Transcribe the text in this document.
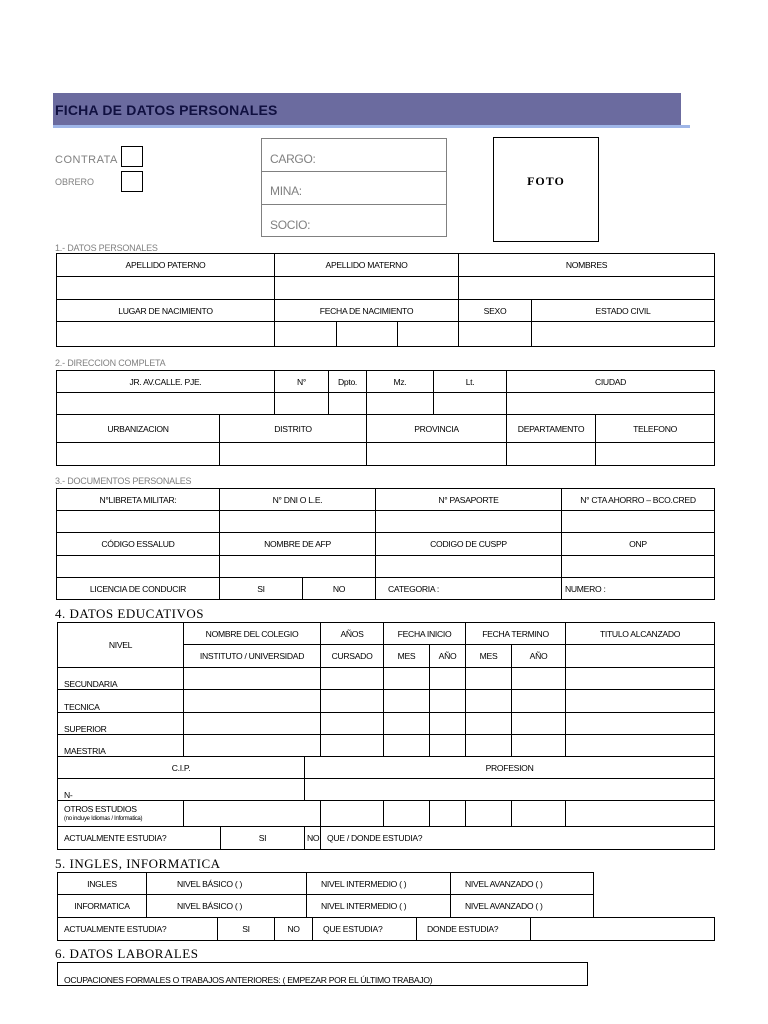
FICHA DE DATOS PERSONALES
CONTRATA
OBRERO
CARGO:
MINA:
SOCIO:
FOTO
1.- DATOS PERSONALES
APELLIDO PATERNO	APELLIDO MATERNO			NOMBRES	

LUGAR DE NACIMIENTO	FECHA DE NACIMIENTO			SEXO	ESTADO CIVIL

2.- DIRECCION COMPLETA
JR. AV.CALLE. PJE.		N°	Dpto.	Mz.	Lt.	CIUDAD	

URBANIZACION	DISTRITO			PROVINCIA		DEPARTAMENTO	TELEFONO

3.- DOCUMENTOS PERSONALES
N°LIBRETA MILITAR:	N° DNI O L.E.		N° PASAPORTE	N° CTA AHORRO – BCO.CRED

CÓDIGO ESSALUD	NOMBRE DE AFP		CODIGO DE CUSPP	ONP

LICENCIA DE CONDUCIR	SI	NO	CATEGORIA :	NUMERO :
4. DATOS EDUCATIVOS
NIVEL	NOMBRE DEL COLEGIO			AÑOS	FECHA INICIO		FECHA TERMINO		TITULO ALCANZADO
	INSTITUTO / UNIVERSIDAD			CURSADO	MES	AÑO	MES	AÑO	
SECUNDARIA									
TECNICA									
SUPERIOR									
MAESTRIA									
C.I.P.			PROFESION						
N-									

OTROS ESTUDIOS
(no incluye Idiomas / Informatica)									

ACTUALMENTE ESTUDIA?		SI	NO	QUE / DONDE ESTUDIA?					
5. INGLES, INFORMATICA
INGLES	NIVEL BÁSICO ( )	NIVEL INTERMEDIO ( )	NIVEL AVANZADO ( )
INFORMATICA	NIVEL BÁSICO ( )	NIVEL INTERMEDIO ( )	NIVEL AVANZADO ( )
ACTUALMENTE ESTUDIA?	SI	NO	QUE ESTUDIA?	DONDE ESTUDIA?	
6. DATOS LABORALES
OCUPACIONES FORMALES O TRABAJOS ANTERIORES: ( EMPEZAR POR EL ÚLTIMO TRABAJO)
